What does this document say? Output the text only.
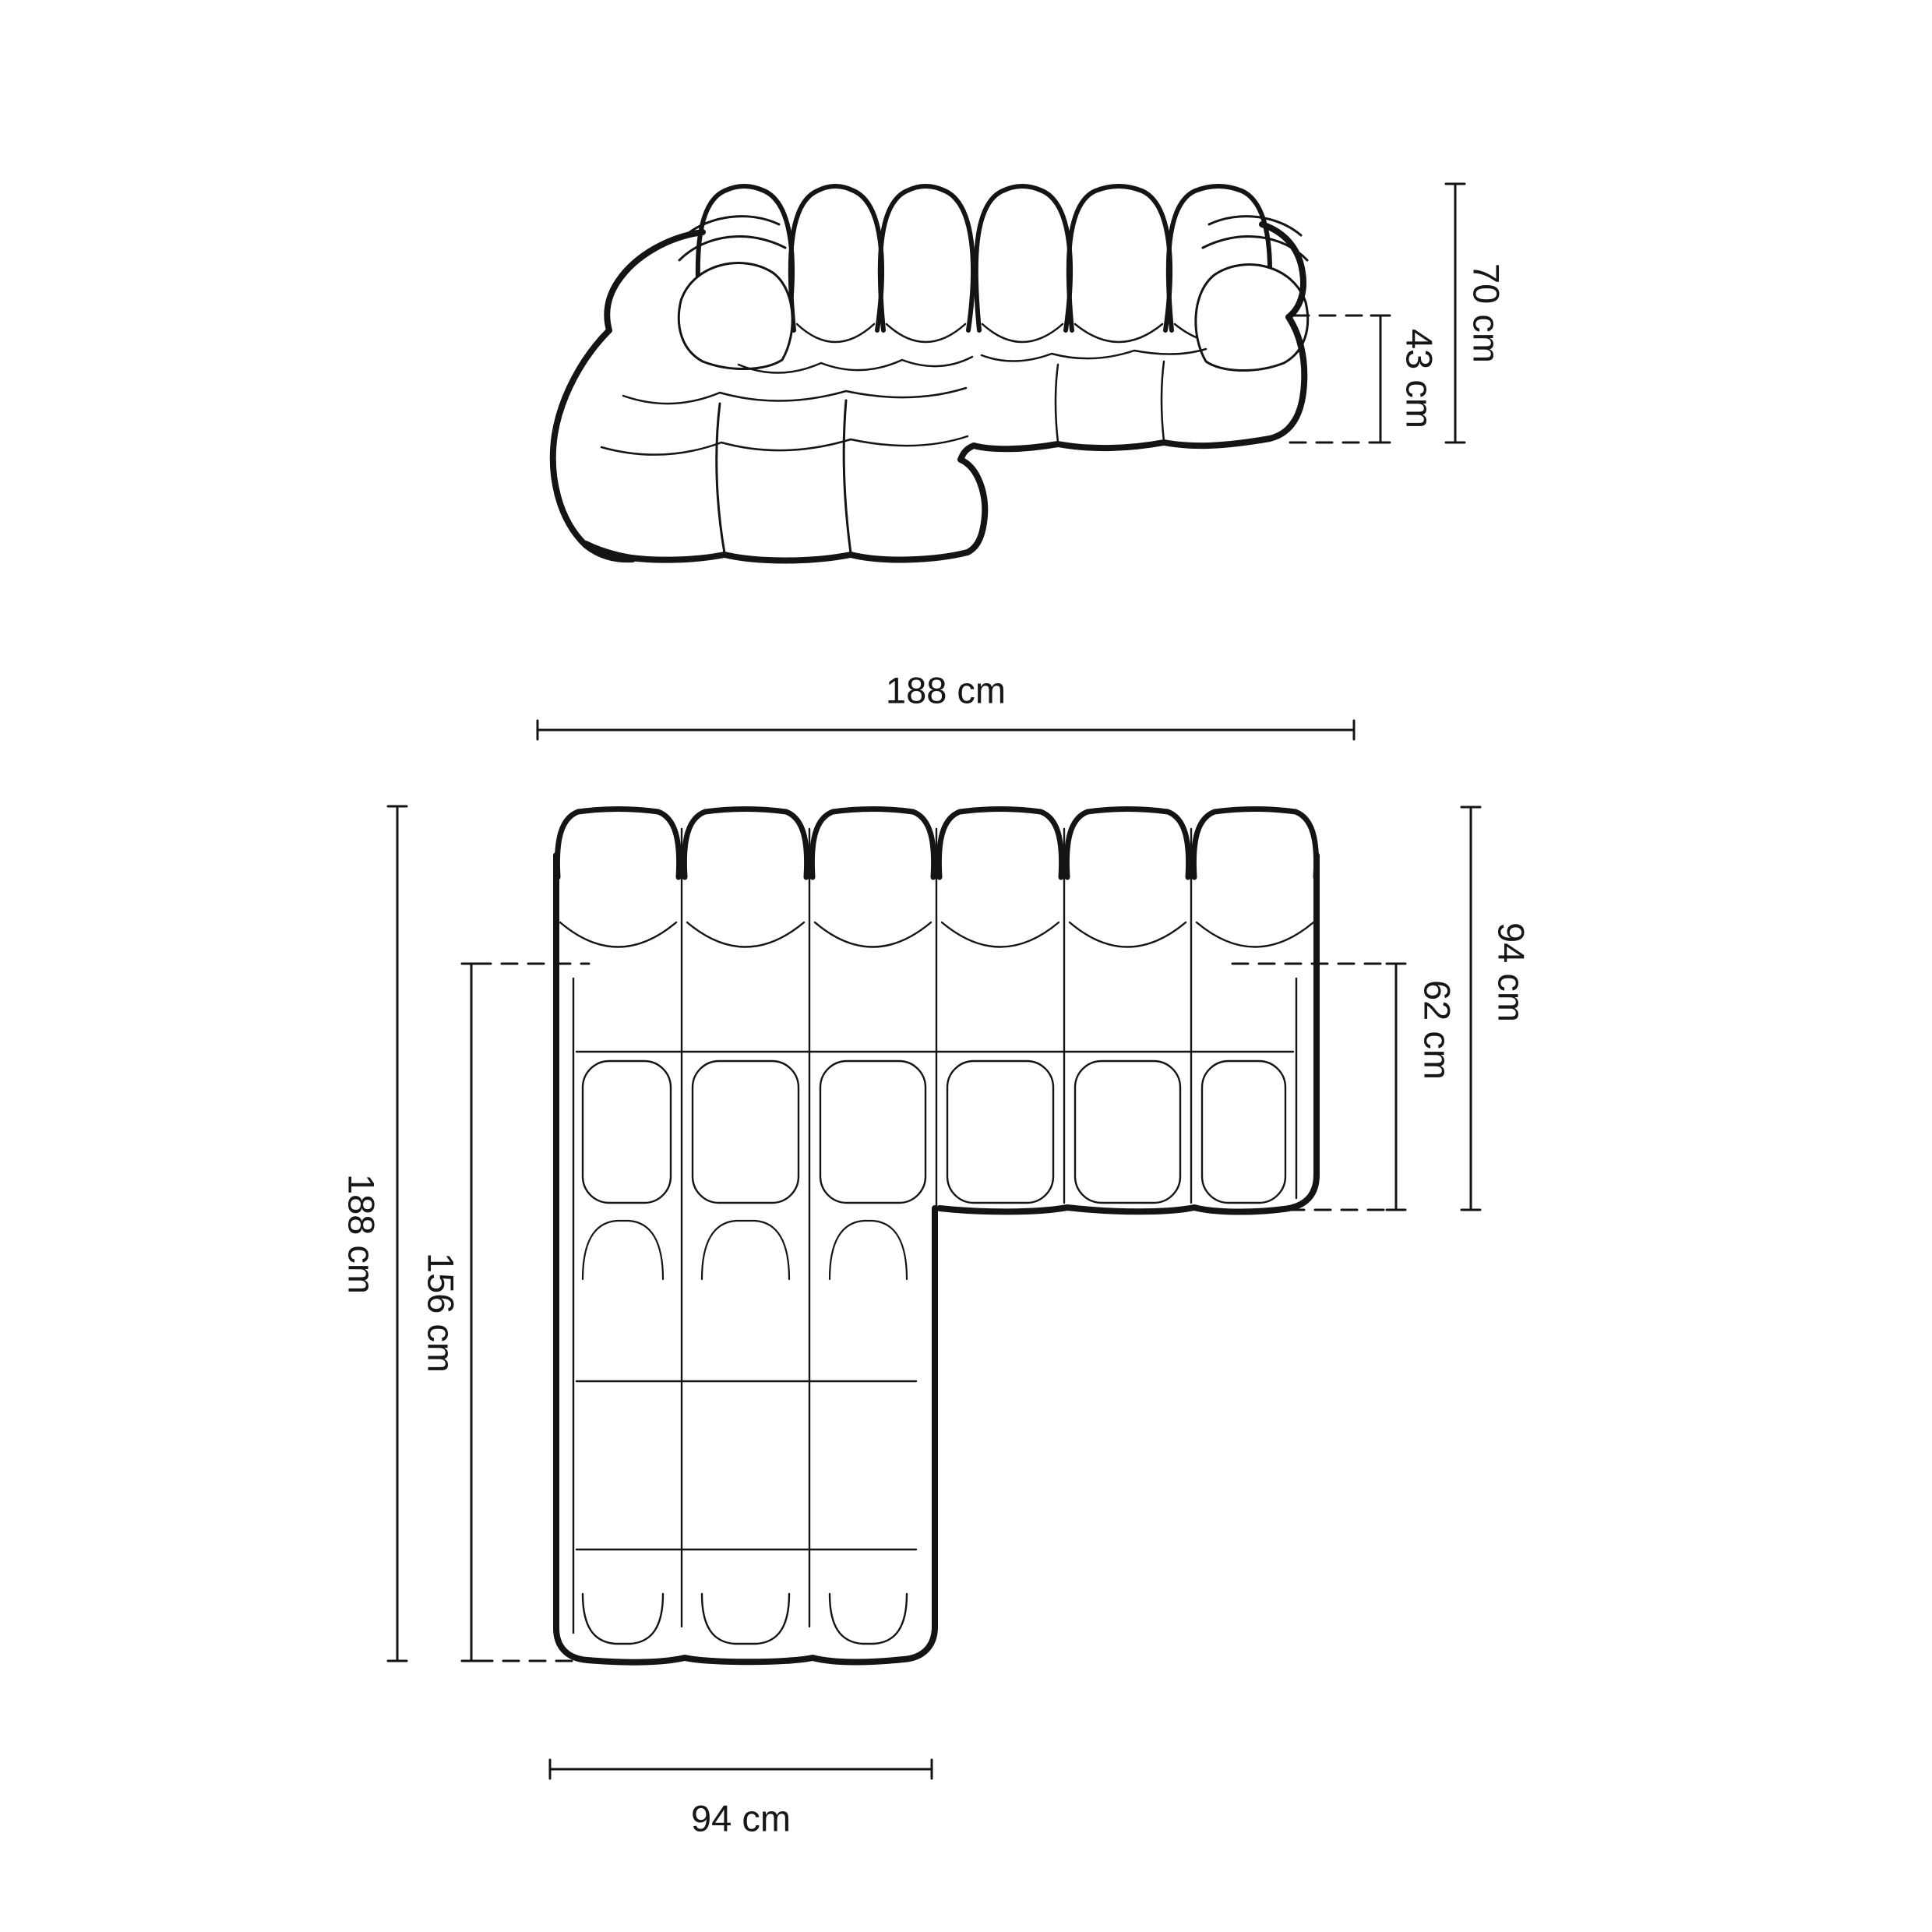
70 cm
43 cm
188 cm
188 cm
156 cm
94 cm
62 cm
94 cm
